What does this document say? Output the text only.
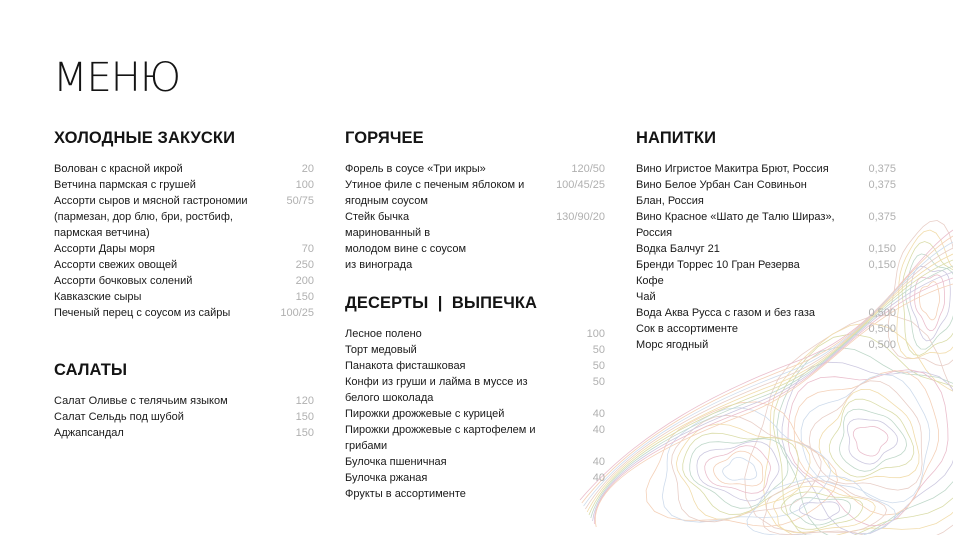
МЕНЮ
ХОЛОДНЫЕ ЗАКУСКИ
Волован с красной икрой	20
Ветчина пармская с грушей	100
Ассорти сыров и мясной гастрономии (пармезан, дор блю, бри, ростбиф, пармская ветчина)
50/75
Ассорти Дары моря	70
Ассорти свежих овощей	250
Ассорти бочковых солений	200
Кавказские сыры	150
Печеный перец с соусом из сайры	100/25
САЛАТЫ
Салат Оливье с телячьим языком	120
Салат Сельдь под шубой	150
Аджапсандал	150
ГОРЯЧЕЕ
Форель в соусе «Три икры»	120/50
Утиное филе с печеным яблоком и ягодным соусом
100/45/25
Стейк бычка маринованный в молодом вине с соусом из винограда
130/90/20
ДЕСЕРТЫ  |  ВЫПЕЧКА
Лесное полено	100
Торт медовый	50
Панакота фисташковая	50
Конфи из груши и лайма в муссе из белого шоколада
50
Пирожки дрожжевые с курицей	40
Пирожки дрожжевые с картофелем и грибами
40
Булочка пшеничная	40
Булочка ржаная	40
Фрукты в ассортименте
НАПИТКИ
Вино Игристое Макитра Брют, Россия	0,375
Вино Белое Урбан Сан Совиньон Блан, Россия
0,375
Вино Красное «Шато де Талю Шираз», Россия
0,375
Водка Балчуг 21	0,150
Бренди Торрес 10 Гран Резерва	0,150
Кофе
Чай
Вода Аква Русса с газом и без газа	0,500
Сок в ассортименте	0,500
Морс ягодный	0,500
